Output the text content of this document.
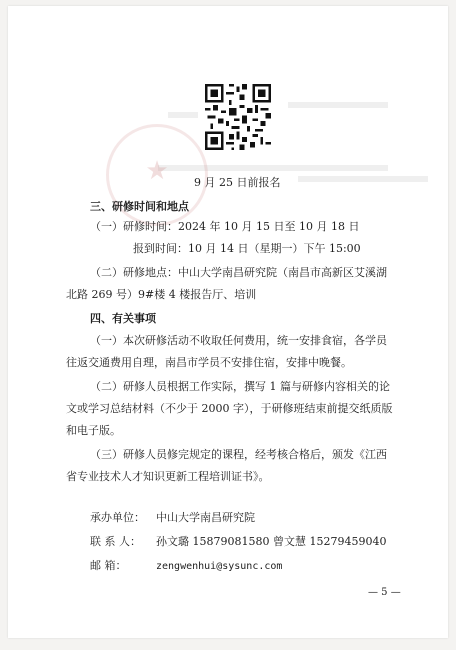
★ 9 月 25 日前报名
三、研修时间和地点
（一）研修时间：2024 年 10 月 15 日至 10 月 18 日
报到时间：10 月 14 日（星期一）下午 15:00
（二）研修地点：中山大学南昌研究院（南昌市高新区艾溪湖
北路 269 号）9#楼 4 楼报告厅、培训
四、有关事项
（一）本次研修活动不收取任何费用，统一安排食宿，各学员
往返交通费用自理，南昌市学员不安排住宿，安排中晚餐。
（二）研修人员根据工作实际，撰写 1 篇与研修内容相关的论
文或学习总结材料（不少于 2000 字），于研修班结束前提交纸质版
和电子版。
（三）研修人员修完规定的课程，经考核合格后，颁发《江西
省专业技术人才知识更新工程培训证书》。
承办单位： 中山大学南昌研究院
联 系 人： 孙文璐 15879081580 曾文慧 15279459040
邮 箱：	zengwenhui@sysunc.com
— 5 —
